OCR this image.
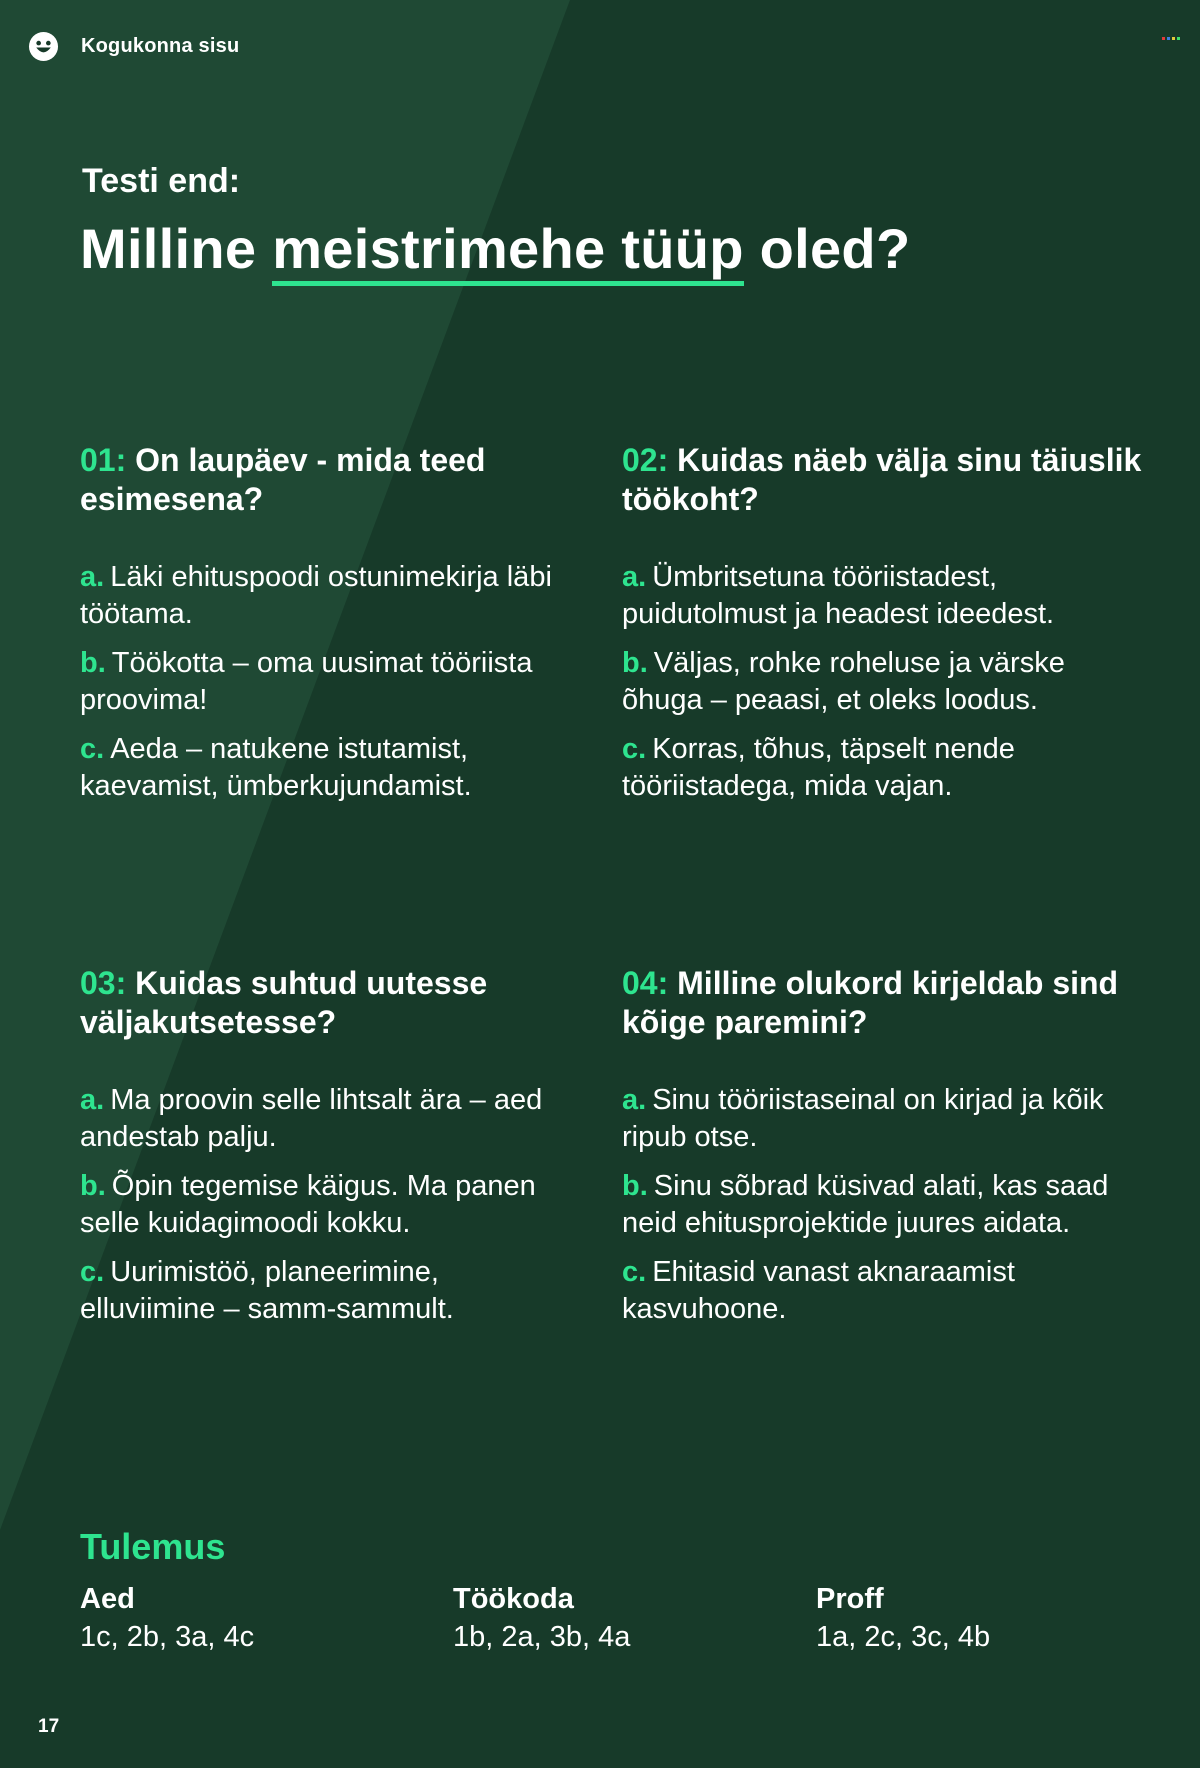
Kogukonna sisu
Testi end:
Milline meistrimehe tüüp oled?
01: On laupäev - mida teed esimesena?
a. Läki ehituspoodi ostunimekirja läbi töötama.
b. Töökotta – oma uusimat tööriista proovima!
c. Aeda – natukene istutamist, kaevamist, ümberkujundamist.
02: Kuidas näeb välja sinu täiuslik töökoht?
a. Ümbritsetuna tööriistadest, puidutolmust ja headest ideedest.
b. Väljas, rohke roheluse ja värske õhuga – peaasi, et oleks loodus.
c. Korras, tõhus, täpselt nende tööriistadega, mida vajan.
03: Kuidas suhtud uutesse väljakutsetesse?
a. Ma proovin selle lihtsalt ära – aed andestab palju.
b. Õpin tegemise käigus. Ma panen selle kuidagimoodi kokku.
c. Uurimistöö, planeerimine, elluviimine – samm-sammult.
04: Milline olukord kirjeldab sind kõige paremini?
a. Sinu tööriistaseinal on kirjad ja kõik ripub otse.
b. Sinu sõbrad küsivad alati, kas saad neid ehitusprojektide juures aidata.
c. Ehitasid vanast aknaraamist kasvuhoone.
Tulemus
Aed
1c, 2b, 3a, 4c
Töökoda
1b, 2a, 3b, 4a
Proff
1a, 2c, 3c, 4b
17
